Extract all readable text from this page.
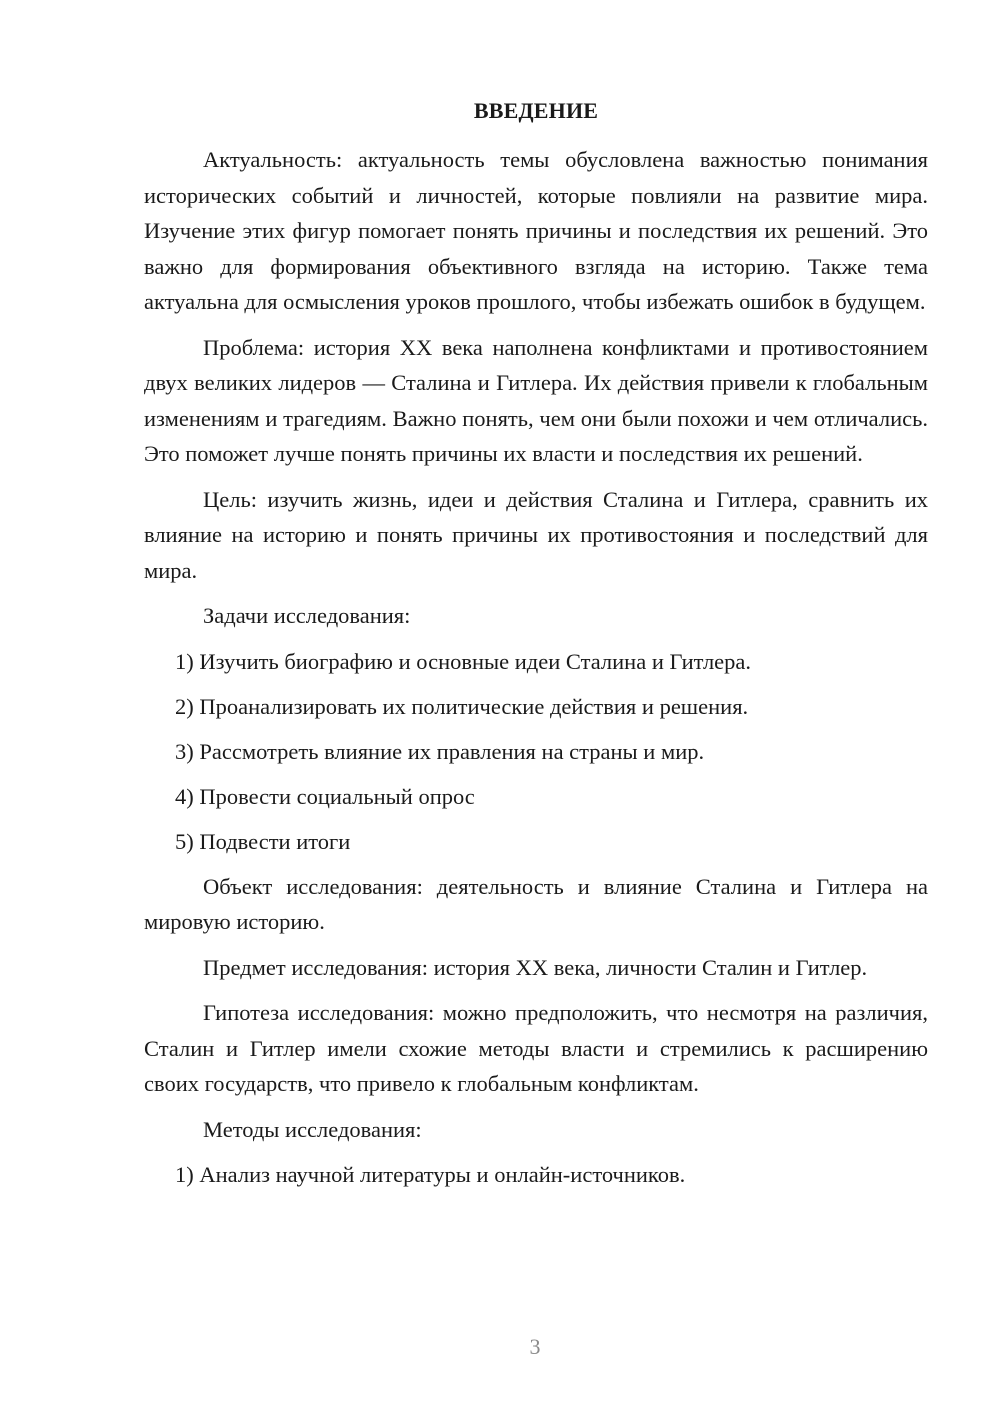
ВВЕДЕНИЕ

Актуальность: актуальность темы обусловлена важностью понимания исторических событий и личностей, которые повлияли на развитие мира. Изучение этих фигур помогает понять причины и последствия их решений. Это важно для формирования объективного взгляда на историю. Также тема актуальна для осмысления уроков прошлого, чтобы избежать ошибок в будущем.

Проблема: история XX века наполнена конфликтами и противостоянием двух великих лидеров — Сталина и Гитлера. Их действия привели к глобальным изменениям и трагедиям. Важно понять, чем они были похожи и чем отличались. Это поможет лучше понять причины их власти и последствия их решений.

Цель: изучить жизнь, идеи и действия Сталина и Гитлера, сравнить их влияние на историю и понять причины их противостояния и последствий для мира.

Задачи исследования:

1) Изучить биографию и основные идеи Сталина и Гитлера.

2) Проанализировать их политические действия и решения.

3) Рассмотреть влияние их правления на страны и мир.

4) Провести социальный опрос

5) Подвести итоги

Объект исследования: деятельность и влияние Сталина и Гитлера на мировую историю.

Предмет исследования: история XX века, личности Сталин и Гитлер.

Гипотеза исследования: можно предположить, что несмотря на различия, Сталин и Гитлер имели схожие методы власти и стремились к расширению своих государств, что привело к глобальным конфликтам.

Методы исследования:

1) Анализ научной литературы и онлайн-источников.

3
